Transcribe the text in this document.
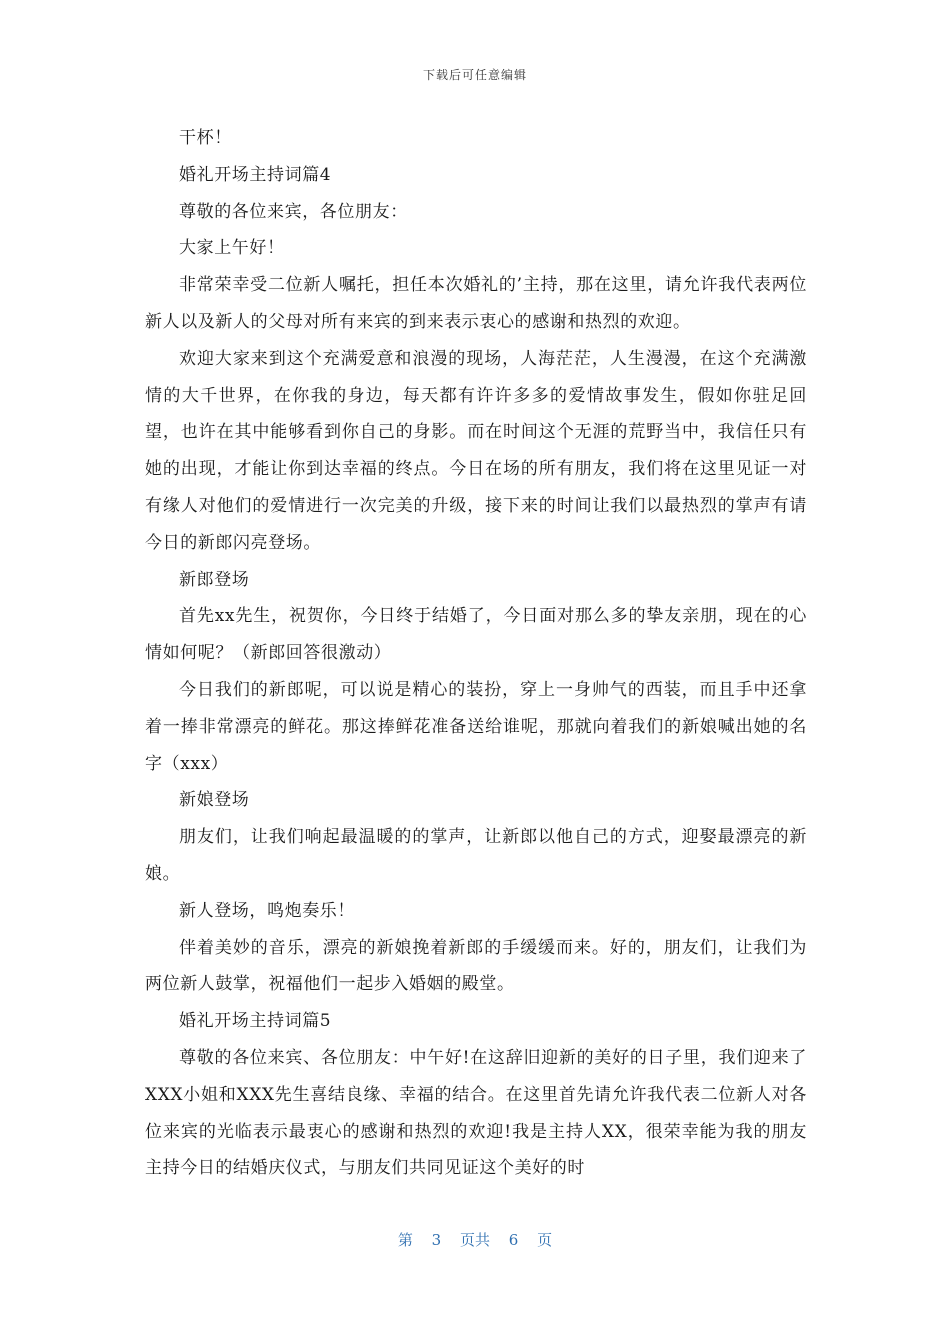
下载后可任意编辑

干杯！

婚礼开场主持词篇4

尊敬的各位来宾，各位朋友：

大家上午好！

非常荣幸受二位新人嘱托，担任本次婚礼的’主持，那在这里，请允许我代表两位新人以及新人的父母对所有来宾的到来表示衷心的感谢和热烈的欢迎。

欢迎大家来到这个充满爱意和浪漫的现场，人海茫茫，人生漫漫，在这个充满激情的大千世界，在你我的身边，每天都有许许多多的爱情故事发生，假如你驻足回望，也许在其中能够看到你自己的身影。而在时间这个无涯的荒野当中，我信任只有她的出现，才能让你到达幸福的终点。今日在场的所有朋友，我们将在这里见证一对有缘人对他们的爱情进行一次完美的升级，接下来的时间让我们以最热烈的掌声有请今日的新郎闪亮登场。

新郎登场

首先xx先生，祝贺你，今日终于结婚了，今日面对那么多的挚友亲朋，现在的心情如何呢？（新郎回答很激动）

今日我们的新郎呢，可以说是精心的装扮，穿上一身帅气的西装，而且手中还拿着一捧非常漂亮的鲜花。那这捧鲜花准备送给谁呢，那就向着我们的新娘喊出她的名字（xxx）

新娘登场

朋友们，让我们响起最温暖的的掌声，让新郎以他自己的方式，迎娶最漂亮的新娘。

新人登场，鸣炮奏乐！

伴着美妙的音乐，漂亮的新娘挽着新郎的手缓缓而来。好的，朋友们，让我们为两位新人鼓掌，祝福他们一起步入婚姻的殿堂。

婚礼开场主持词篇5

尊敬的各位来宾、各位朋友：中午好!在这辞旧迎新的美好的日子里，我们迎来了XXX小姐和XXX先生喜结良缘、幸福的结合。在这里首先请允许我代表二位新人对各位来宾的光临表示最衷心的感谢和热烈的欢迎!我是主持人XX，很荣幸能为我的朋友主持今日的结婚庆仪式，与朋友们共同见证这个美好的时

第 3 页共 6 页
